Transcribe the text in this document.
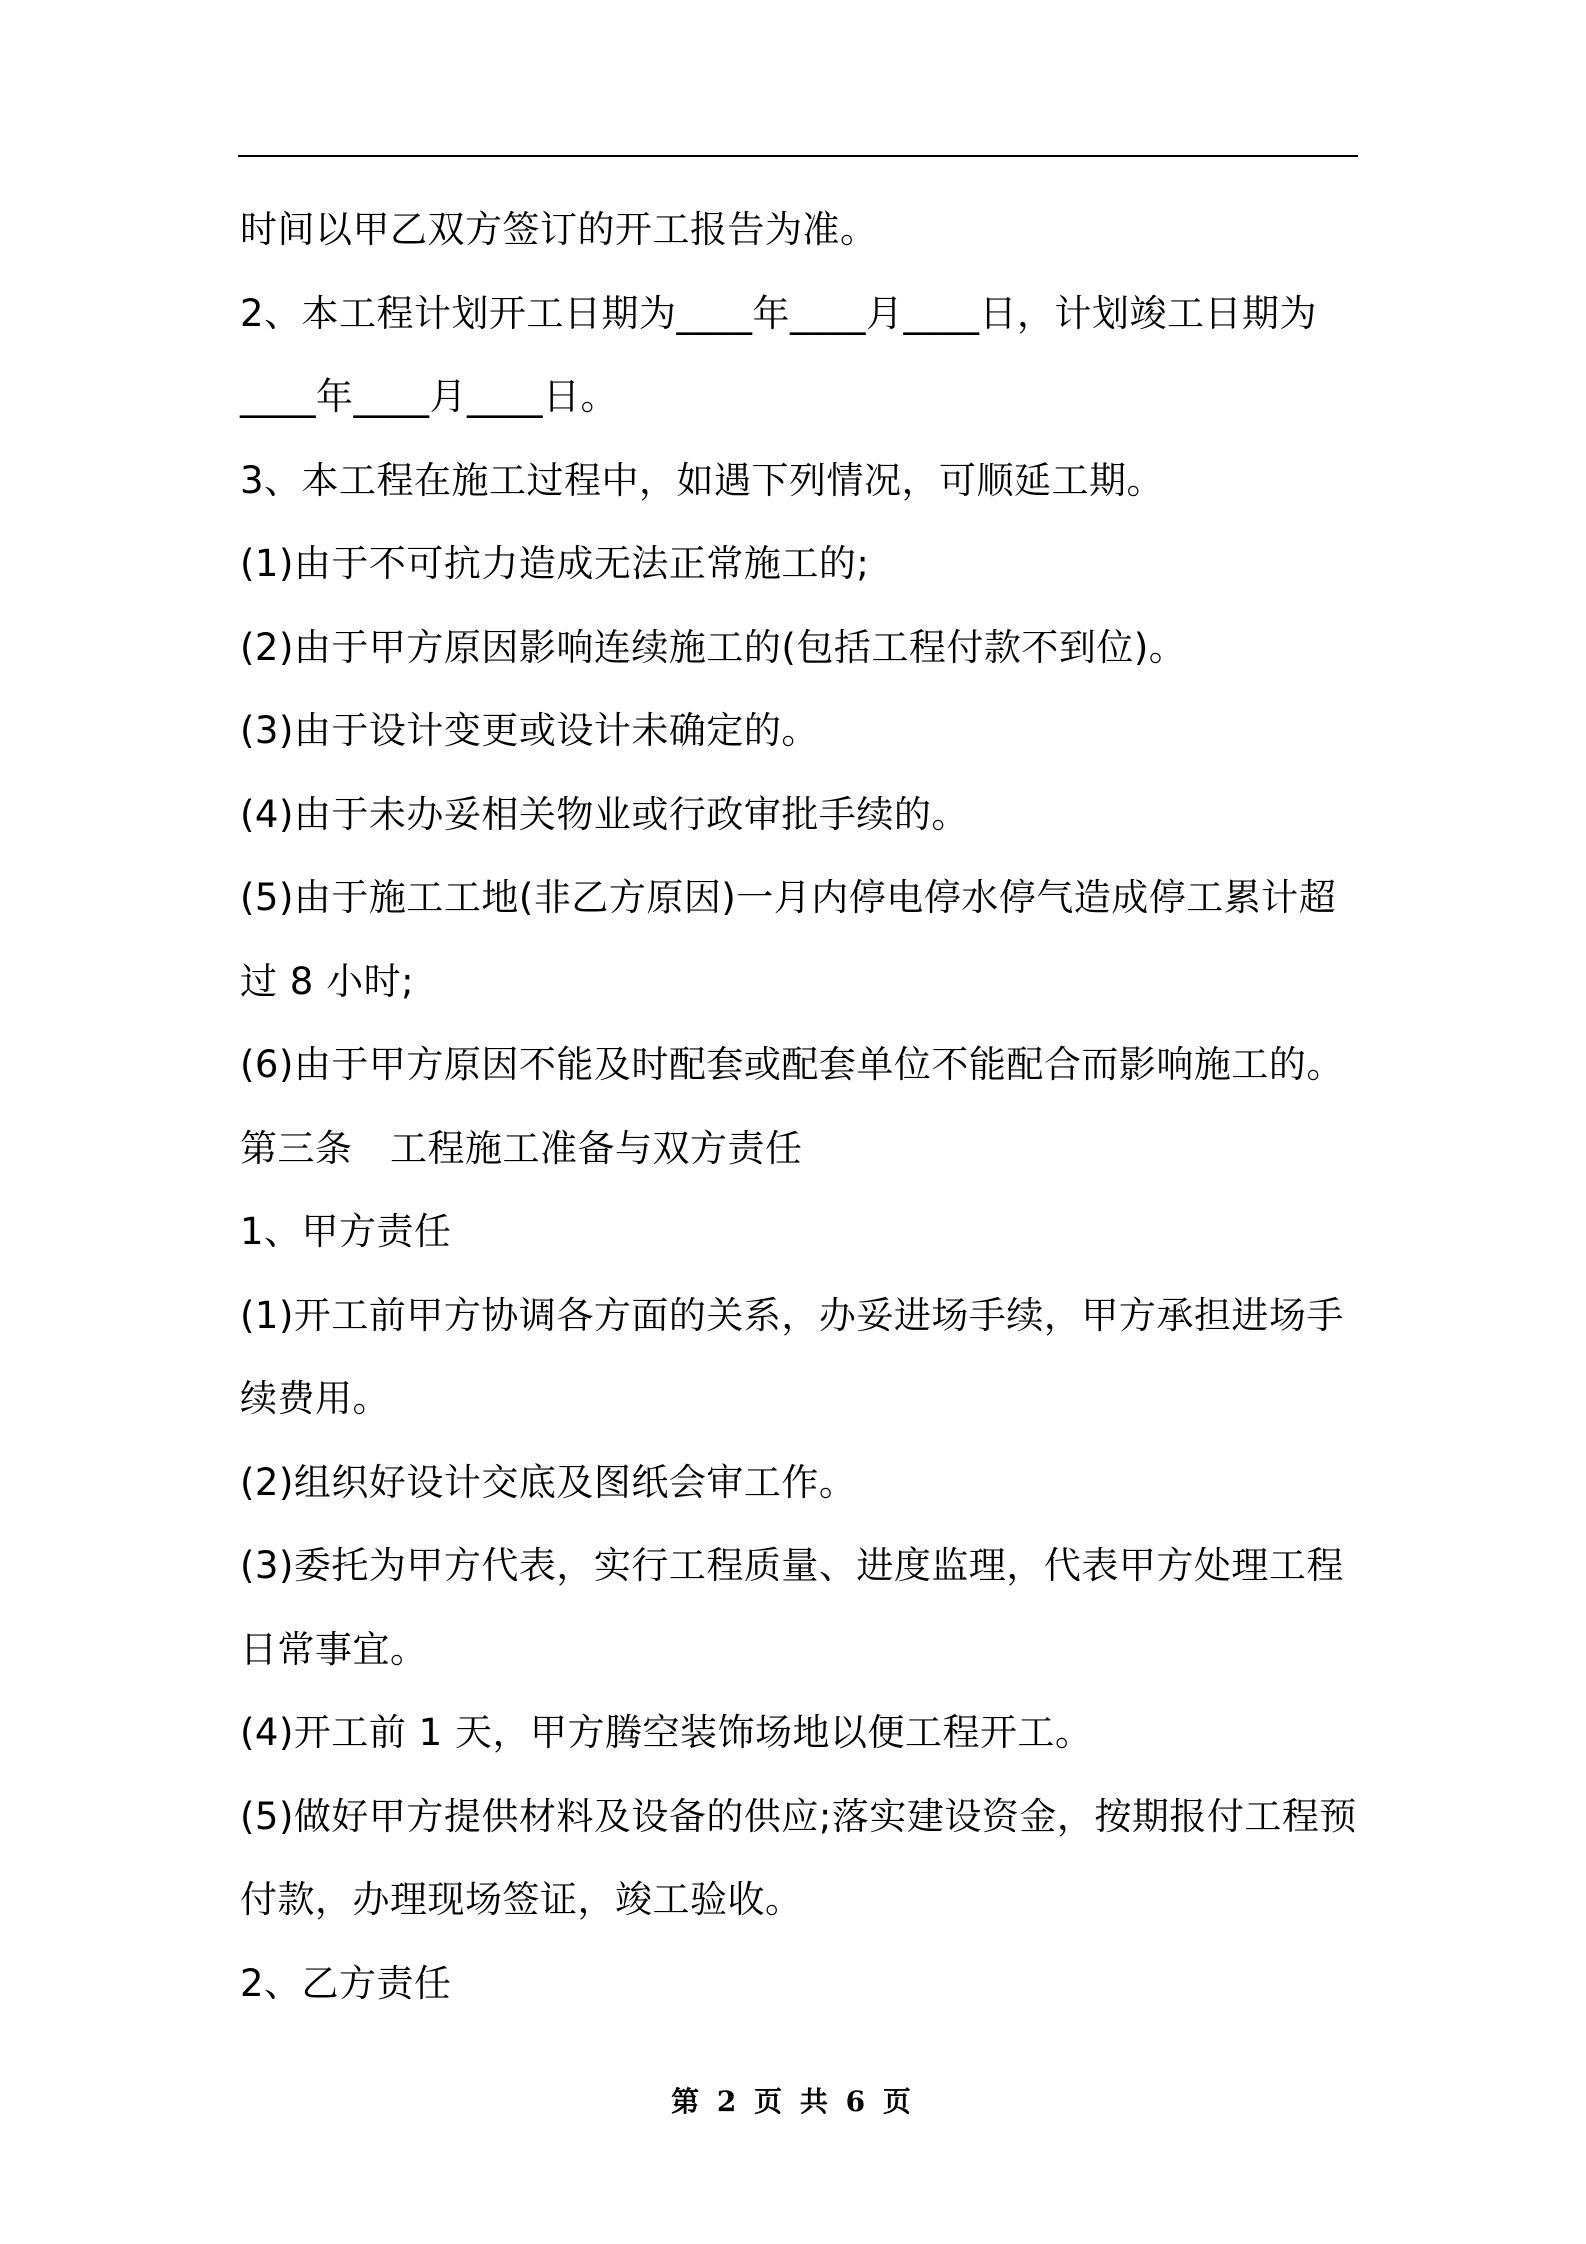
时间以甲乙双方签订的开工报告为准。
2、本工程计划开工日期为____年____月____日，计划竣工日期为
____年____月____日。
3、本工程在施工过程中，如遇下列情况，可顺延工期。
(1)由于不可抗力造成无法正常施工的;
(2)由于甲方原因影响连续施工的(包括工程付款不到位)。
(3)由于设计变更或设计未确定的。
(4)由于未办妥相关物业或行政审批手续的。
(5)由于施工工地(非乙方原因)一月内停电停水停气造成停工累计超
过 8 小时;
(6)由于甲方原因不能及时配套或配套单位不能配合而影响施工的。
第三条　工程施工准备与双方责任
1、甲方责任
(1)开工前甲方协调各方面的关系，办妥进场手续，甲方承担进场手
续费用。
(2)组织好设计交底及图纸会审工作。
(3)委托为甲方代表，实行工程质量、进度监理，代表甲方处理工程
日常事宜。
(4)开工前 1 天，甲方腾空装饰场地以便工程开工。
(5)做好甲方提供材料及设备的供应;落实建设资金，按期报付工程预
付款，办理现场签证，竣工验收。
2、乙方责任
第 2 页 共 6 页
